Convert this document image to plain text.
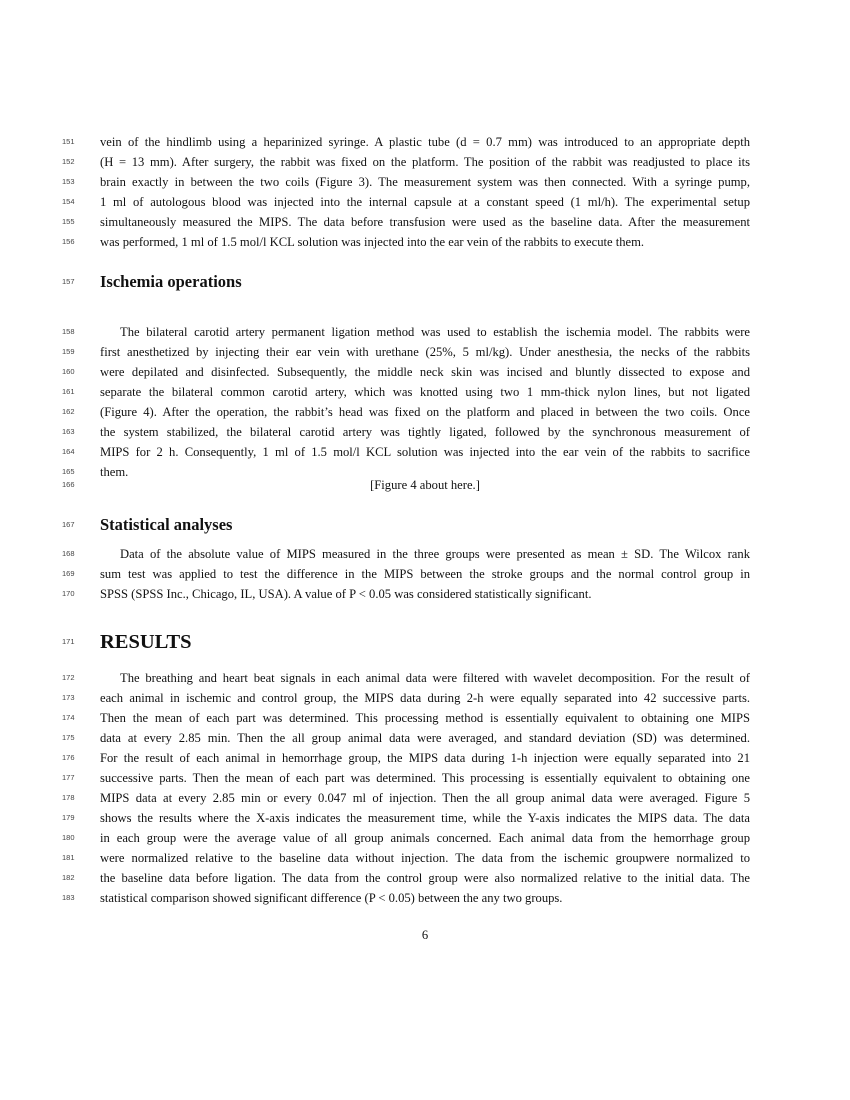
151	vein of the hindlimb using a heparinized syringe. A plastic tube (d = 0.7 mm) was introduced to an appropriate depth
152	(H = 13 mm). After surgery, the rabbit was fixed on the platform. The position of the rabbit was readjusted to place its
153	brain exactly in between the two coils (Figure 3). The measurement system was then connected. With a syringe pump,
154	1 ml of autologous blood was injected into the internal capsule at a constant speed (1 ml/h). The experimental setup
155	simultaneously measured the MIPS. The data before transfusion were used as the baseline data. After the measurement
156	was performed, 1 ml of 1.5 mol/l KCL solution was injected into the ear vein of the rabbits to execute them.
157	Ischemia operations
158	The bilateral carotid artery permanent ligation method was used to establish the ischemia model. The rabbits were
159	first anesthetized by injecting their ear vein with urethane (25%, 5 ml/kg). Under anesthesia, the necks of the rabbits
160	were depilated and disinfected. Subsequently, the middle neck skin was incised and bluntly dissected to expose and
161	separate the bilateral common carotid artery, which was knotted using two 1 mm-thick nylon lines, but not ligated
162	(Figure 4). After the operation, the rabbit’s head was fixed on the platform and placed in between the two coils. Once
163	the system stabilized, the bilateral carotid artery was tightly ligated, followed by the synchronous measurement of
164	MIPS for 2 h. Consequently, 1 ml of 1.5 mol/l KCL solution was injected into the ear vein of the rabbits to sacrifice
165	them.
166	[Figure 4 about here.]
167	Statistical analyses
168	Data of the absolute value of MIPS measured in the three groups were presented as mean ± SD. The Wilcox rank
169	sum test was applied to test the difference in the MIPS between the stroke groups and the normal control group in
170	SPSS (SPSS Inc., Chicago, IL, USA). A value of P < 0.05 was considered statistically significant.
171	RESULTS
172	The breathing and heart beat signals in each animal data were filtered with wavelet decomposition. For the result of
173	each animal in ischemic and control group, the MIPS data during 2-h were equally separated into 42 successive parts.
174	Then the mean of each part was determined. This processing method is essentially equivalent to obtaining one MIPS
175	data at every 2.85 min. Then the all group animal data were averaged, and standard deviation (SD) was determined.
176	For the result of each animal in hemorrhage group, the MIPS data during 1-h injection were equally separated into 21
177	successive parts. Then the mean of each part was determined. This processing is essentially equivalent to obtaining one
178	MIPS data at every 2.85 min or every 0.047 ml of injection. Then the all group animal data were averaged. Figure 5
179	shows the results where the X-axis indicates the measurement time, while the Y-axis indicates the MIPS data. The data
180	in each group were the average value of all group animals concerned. Each animal data from the hemorrhage group
181	were normalized relative to the baseline data without injection. The data from the ischemic groupwere normalized to
182	the baseline data before ligation. The data from the control group were also normalized relative to the initial data. The
183	statistical comparison showed significant difference (P < 0.05) between the any two groups.
6
